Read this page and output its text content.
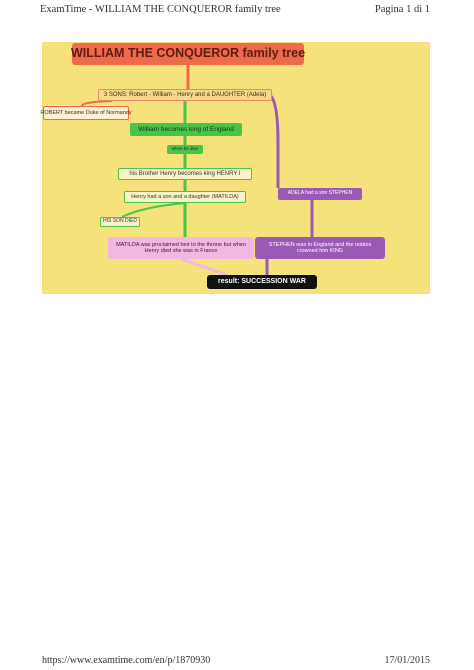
ExamTime - WILLIAM THE CONQUEROR family tree	Pagina 1 di 1
WILLIAM THE CONQUEROR family tree
3 SONS: Robert - William - Henry and a DAUGHTER (Adela)
ROBERT became Duke of Normandy
William becomes king of England
when he dies
his Brother Henry becomes king HENRY I
Henry had a son and a daughter (MATILDA)
HIS SON DIED
MATILDA was proclaimed heir to the throne but when Henry died she was in France
ADELA had a son STEPHEN
STEPHEN was in England and the nobles crowned him KING
result: SUCCESSION WAR
https://www.examtime.com/en/p/1870930	17/01/2015
